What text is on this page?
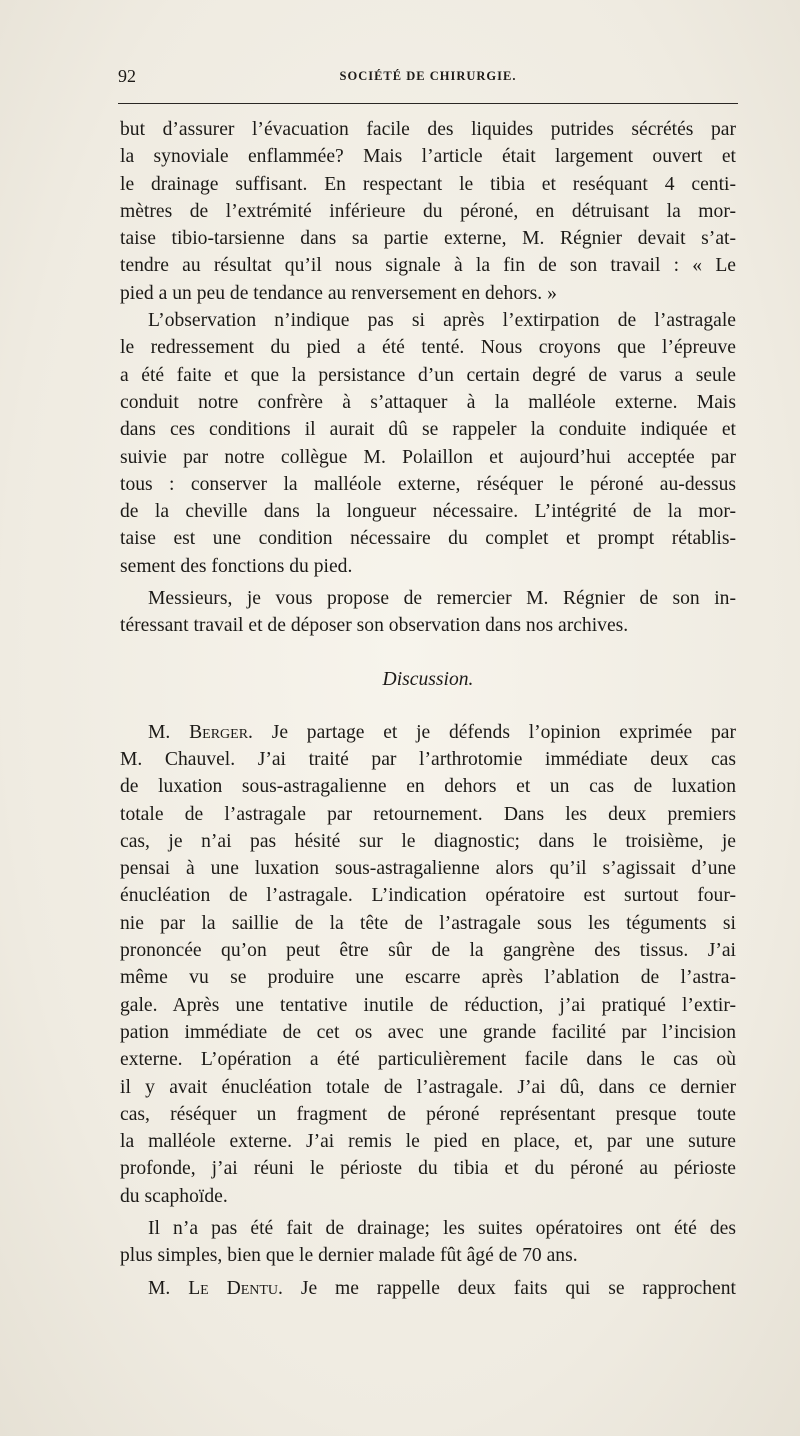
92	SOCIÉTÉ DE CHIRURGIE.
but d’assurer l’évacuation facile des liquides putrides sécrétés par
la synoviale enflammée? Mais l’article était largement ouvert et
le drainage suffisant. En respectant le tibia et reséquant 4 centi-
mètres de l’extrémité inférieure du péroné, en détruisant la mor-
taise tibio-tarsienne dans sa partie externe, M. Régnier devait s’at-
tendre au résultat qu’il nous signale à la fin de son travail : « Le
pied a un peu de tendance au renversement en dehors. »
L’observation n’indique pas si après l’extirpation de l’astragale
le redressement du pied a été tenté. Nous croyons que l’épreuve
a été faite et que la persistance d’un certain degré de varus a seule
conduit notre confrère à s’attaquer à la malléole externe. Mais
dans ces conditions il aurait dû se rappeler la conduite indiquée et
suivie par notre collègue M. Polaillon et aujourd’hui acceptée par
tous : conserver la malléole externe, réséquer le péroné au-dessus
de la cheville dans la longueur nécessaire. L’intégrité de la mor-
taise est une condition nécessaire du complet et prompt rétablis-
sement des fonctions du pied.
Messieurs, je vous propose de remercier M. Régnier de son in-
téressant travail et de déposer son observation dans nos archives.
Discussion.
M. Berger. Je partage et je défends l’opinion exprimée par
M. Chauvel. J’ai traité par l’arthrotomie immédiate deux cas
de luxation sous-astragalienne en dehors et un cas de luxation
totale de l’astragale par retournement. Dans les deux premiers
cas, je n’ai pas hésité sur le diagnostic; dans le troisième, je
pensai à une luxation sous-astragalienne alors qu’il s’agissait d’une
énucléation de l’astragale. L’indication opératoire est surtout four-
nie par la saillie de la tête de l’astragale sous les téguments si
prononcée qu’on peut être sûr de la gangrène des tissus. J’ai
même vu se produire une escarre après l’ablation de l’astra-
gale. Après une tentative inutile de réduction, j’ai pratiqué l’extir-
pation immédiate de cet os avec une grande facilité par l’incision
externe. L’opération a été particulièrement facile dans le cas où
il y avait énucléation totale de l’astragale. J’ai dû, dans ce dernier
cas, réséquer un fragment de péroné représentant presque toute
la malléole externe. J’ai remis le pied en place, et, par une suture
profonde, j’ai réuni le périoste du tibia et du péroné au périoste
du scaphoïde.
Il n’a pas été fait de drainage; les suites opératoires ont été des
plus simples, bien que le dernier malade fût âgé de 70 ans.
M. Le Dentu. Je me rappelle deux faits qui se rapprochent
